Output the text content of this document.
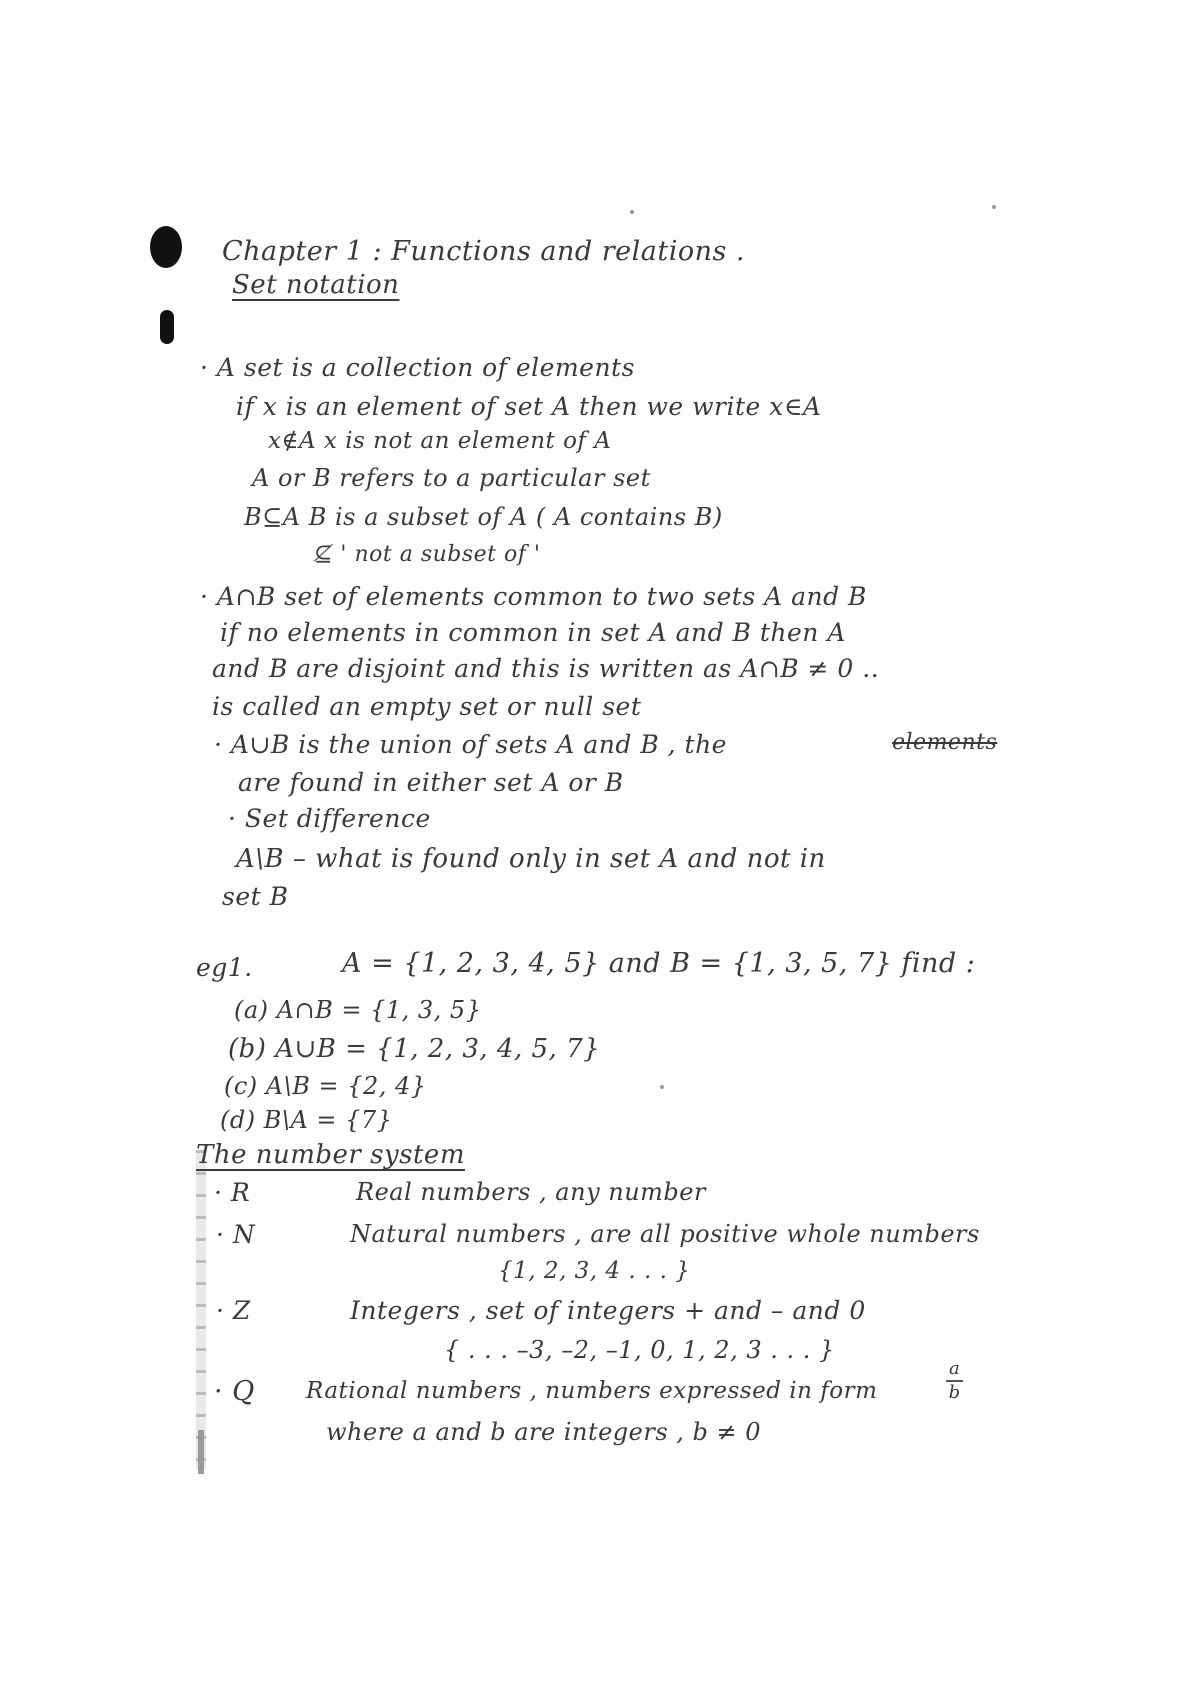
Chapter 1 : Functions and relations .
Set notation
· A set is a collection of elements
if x is an element of set A then we write x∈A
x∉A x is not an element of A
A or B refers to a particular set
B⊆A B is a subset of A ( A contains B)
⊈ ' not a subset of '
· A∩B set of elements common to two sets A and B
if no elements in common in set A and B then A
and B are disjoint and this is written as A∩B ≠ 0 ..
is called an empty set or null set
· A∪B is the union of sets A and B , the	elements
are found in either set A or B
· Set difference
A\B – what is found only in set A and not in
set B
eg1.	A = {1, 2, 3, 4, 5} and B = {1, 3, 5, 7} find :
(a) A∩B = {1, 3, 5}
(b) A∪B = {1, 2, 3, 4, 5, 7}
(c) A\B = {2, 4}
(d) B\A = {7}
The number system
· R	Real numbers , any number
· N	Natural numbers , are all positive whole numbers
{1, 2, 3, 4 . . . }
· Z	Integers , set of integers + and – and 0
{ . . . –3, –2, –1, 0, 1, 2, 3 . . . }
· Q Rational numbers , numbers expressed in form	$\frac{a}{b}$
where a and b are integers , b ≠ 0
